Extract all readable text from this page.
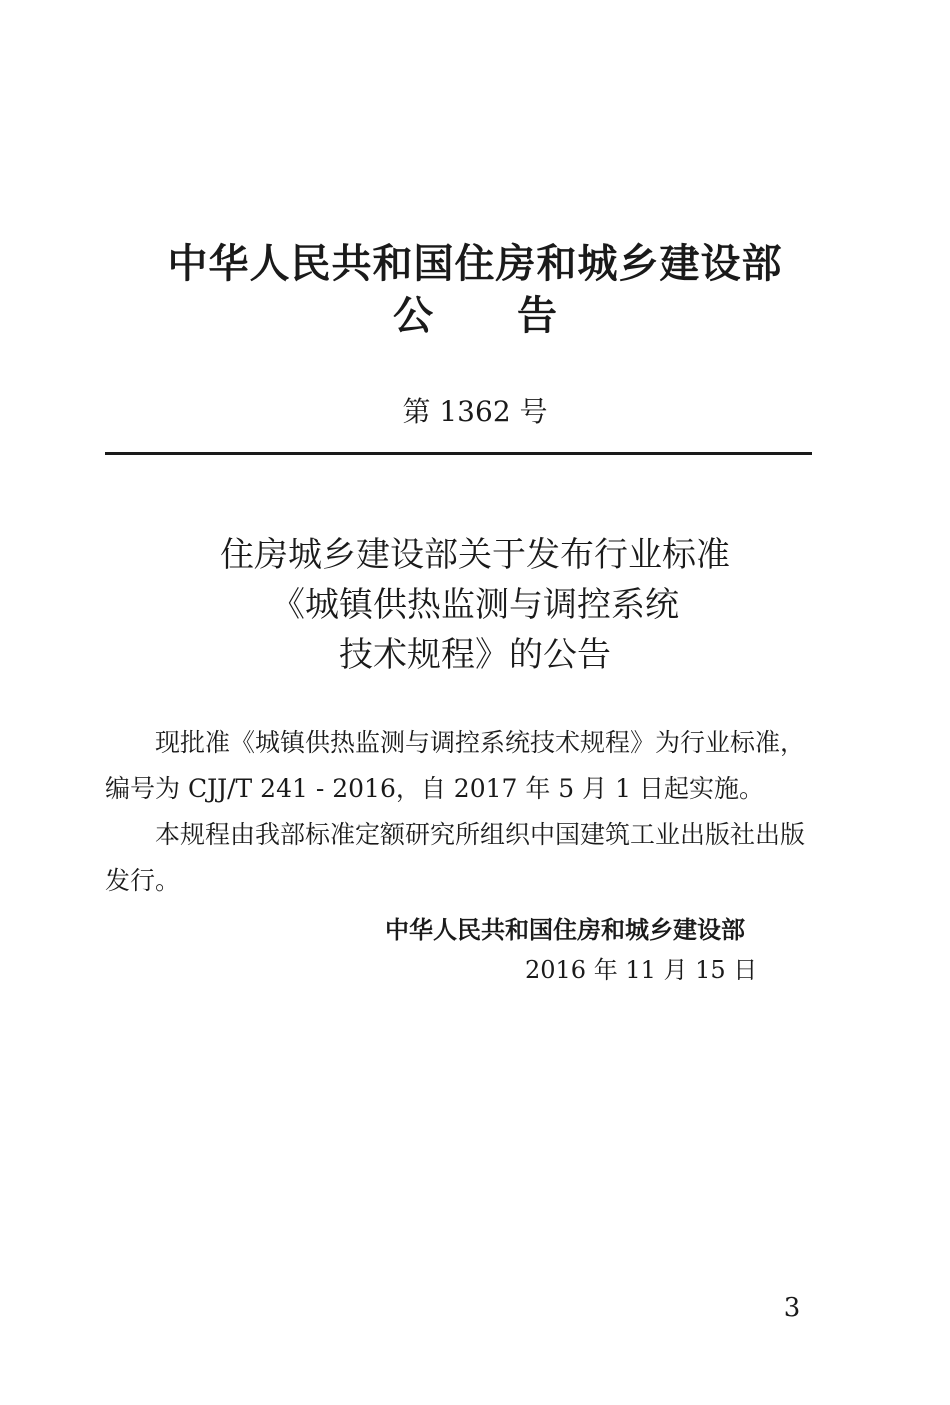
中华人民共和国住房和城乡建设部
公告
第 1362 号
住房城乡建设部关于发布行业标准
《城镇供热监测与调控系统
技术规程》的公告

现批准《城镇供热监测与调控系统技术规程》为行业标准，编号为 CJJ/T 241 - 2016，自 2017 年 5 月 1 日起实施。

本规程由我部标准定额研究所组织中国建筑工业出版社出版发行。

中华人民共和国住房和城乡建设部
2016 年 11 月 15 日
3
